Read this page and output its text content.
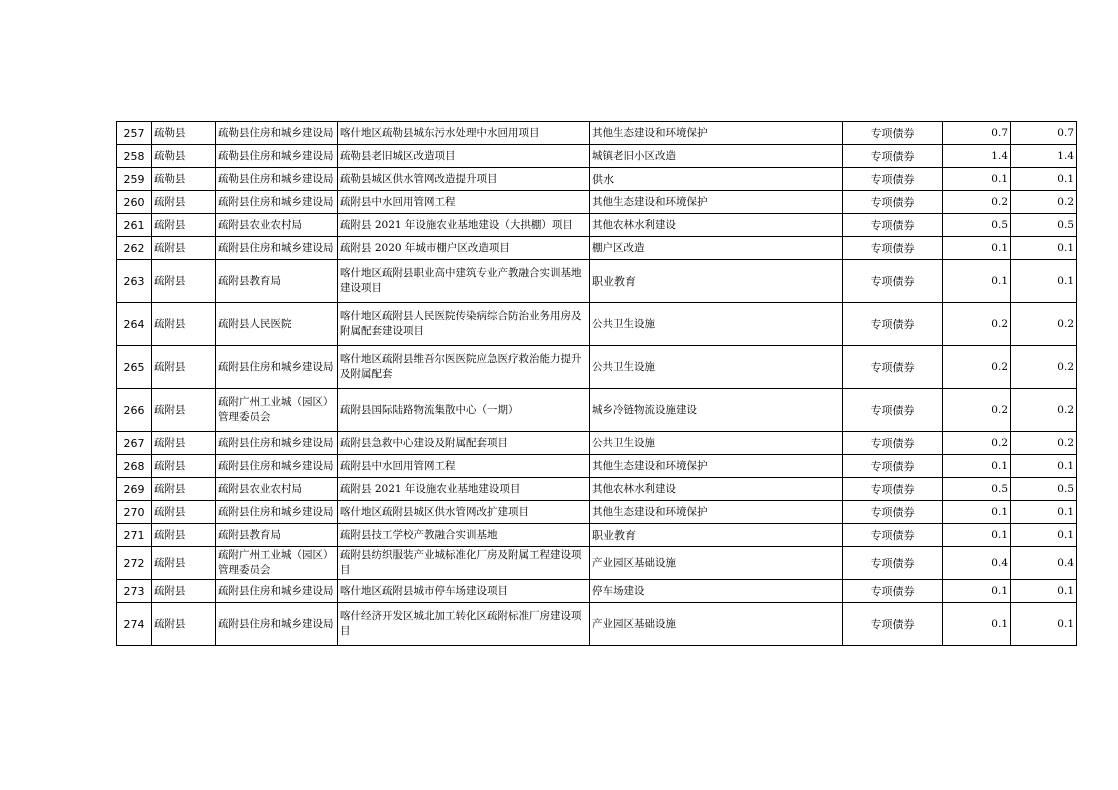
257	疏勒县	疏勒县住房和城乡建设局	喀什地区疏勒县城东污水处理中水回用项目	其他生态建设和环境保护	专项债券	0.7	0.7
258	疏勒县	疏勒县住房和城乡建设局	疏勒县老旧城区改造项目	城镇老旧小区改造	专项债券	1.4	1.4
259	疏勒县	疏勒县住房和城乡建设局	疏勒县城区供水管网改造提升项目	供水	专项债券	0.1	0.1
260	疏附县	疏附县住房和城乡建设局	疏附县中水回用管网工程	其他生态建设和环境保护	专项债券	0.2	0.2
261	疏附县	疏附县农业农村局	疏附县 2021 年设施农业基地建设（大拱棚）项目	其他农林水利建设	专项债券	0.5	0.5
262	疏附县	疏附县住房和城乡建设局	疏附县 2020 年城市棚户区改造项目	棚户区改造	专项债券	0.1	0.1
263	疏附县	疏附县教育局	喀什地区疏附县职业高中建筑专业产教融合实训基地建设项目	职业教育	专项债券	0.1	0.1
264	疏附县	疏附县人民医院	喀什地区疏附县人民医院传染病综合防治业务用房及附属配套建设项目	公共卫生设施	专项债券	0.2	0.2
265	疏附县	疏附县住房和城乡建设局	喀什地区疏附县维吾尔医医院应急医疗救治能力提升及附属配套	公共卫生设施	专项债券	0.2	0.2
266	疏附县	疏附广州工业城（园区）管理委员会	疏附县国际陆路物流集散中心（一期）	城乡冷链物流设施建设	专项债券	0.2	0.2
267	疏附县	疏附县住房和城乡建设局	疏附县急救中心建设及附属配套项目	公共卫生设施	专项债券	0.2	0.2
268	疏附县	疏附县住房和城乡建设局	疏附县中水回用管网工程	其他生态建设和环境保护	专项债券	0.1	0.1
269	疏附县	疏附县农业农村局	疏附县 2021 年设施农业基地建设项目	其他农林水利建设	专项债券	0.5	0.5
270	疏附县	疏附县住房和城乡建设局	喀什地区疏附县城区供水管网改扩建项目	其他生态建设和环境保护	专项债券	0.1	0.1
271	疏附县	疏附县教育局	疏附县技工学校产教融合实训基地	职业教育	专项债券	0.1	0.1
272	疏附县	疏附广州工业城（园区）管理委员会	疏附县纺织服装产业城标准化厂房及附属工程建设项目	产业园区基础设施	专项债券	0.4	0.4
273	疏附县	疏附县住房和城乡建设局	喀什地区疏附县城市停车场建设项目	停车场建设	专项债券	0.1	0.1
274	疏附县	疏附县住房和城乡建设局	喀什经济开发区城北加工转化区疏附标准厂房建设项目	产业园区基础设施	专项债券	0.1	0.1
